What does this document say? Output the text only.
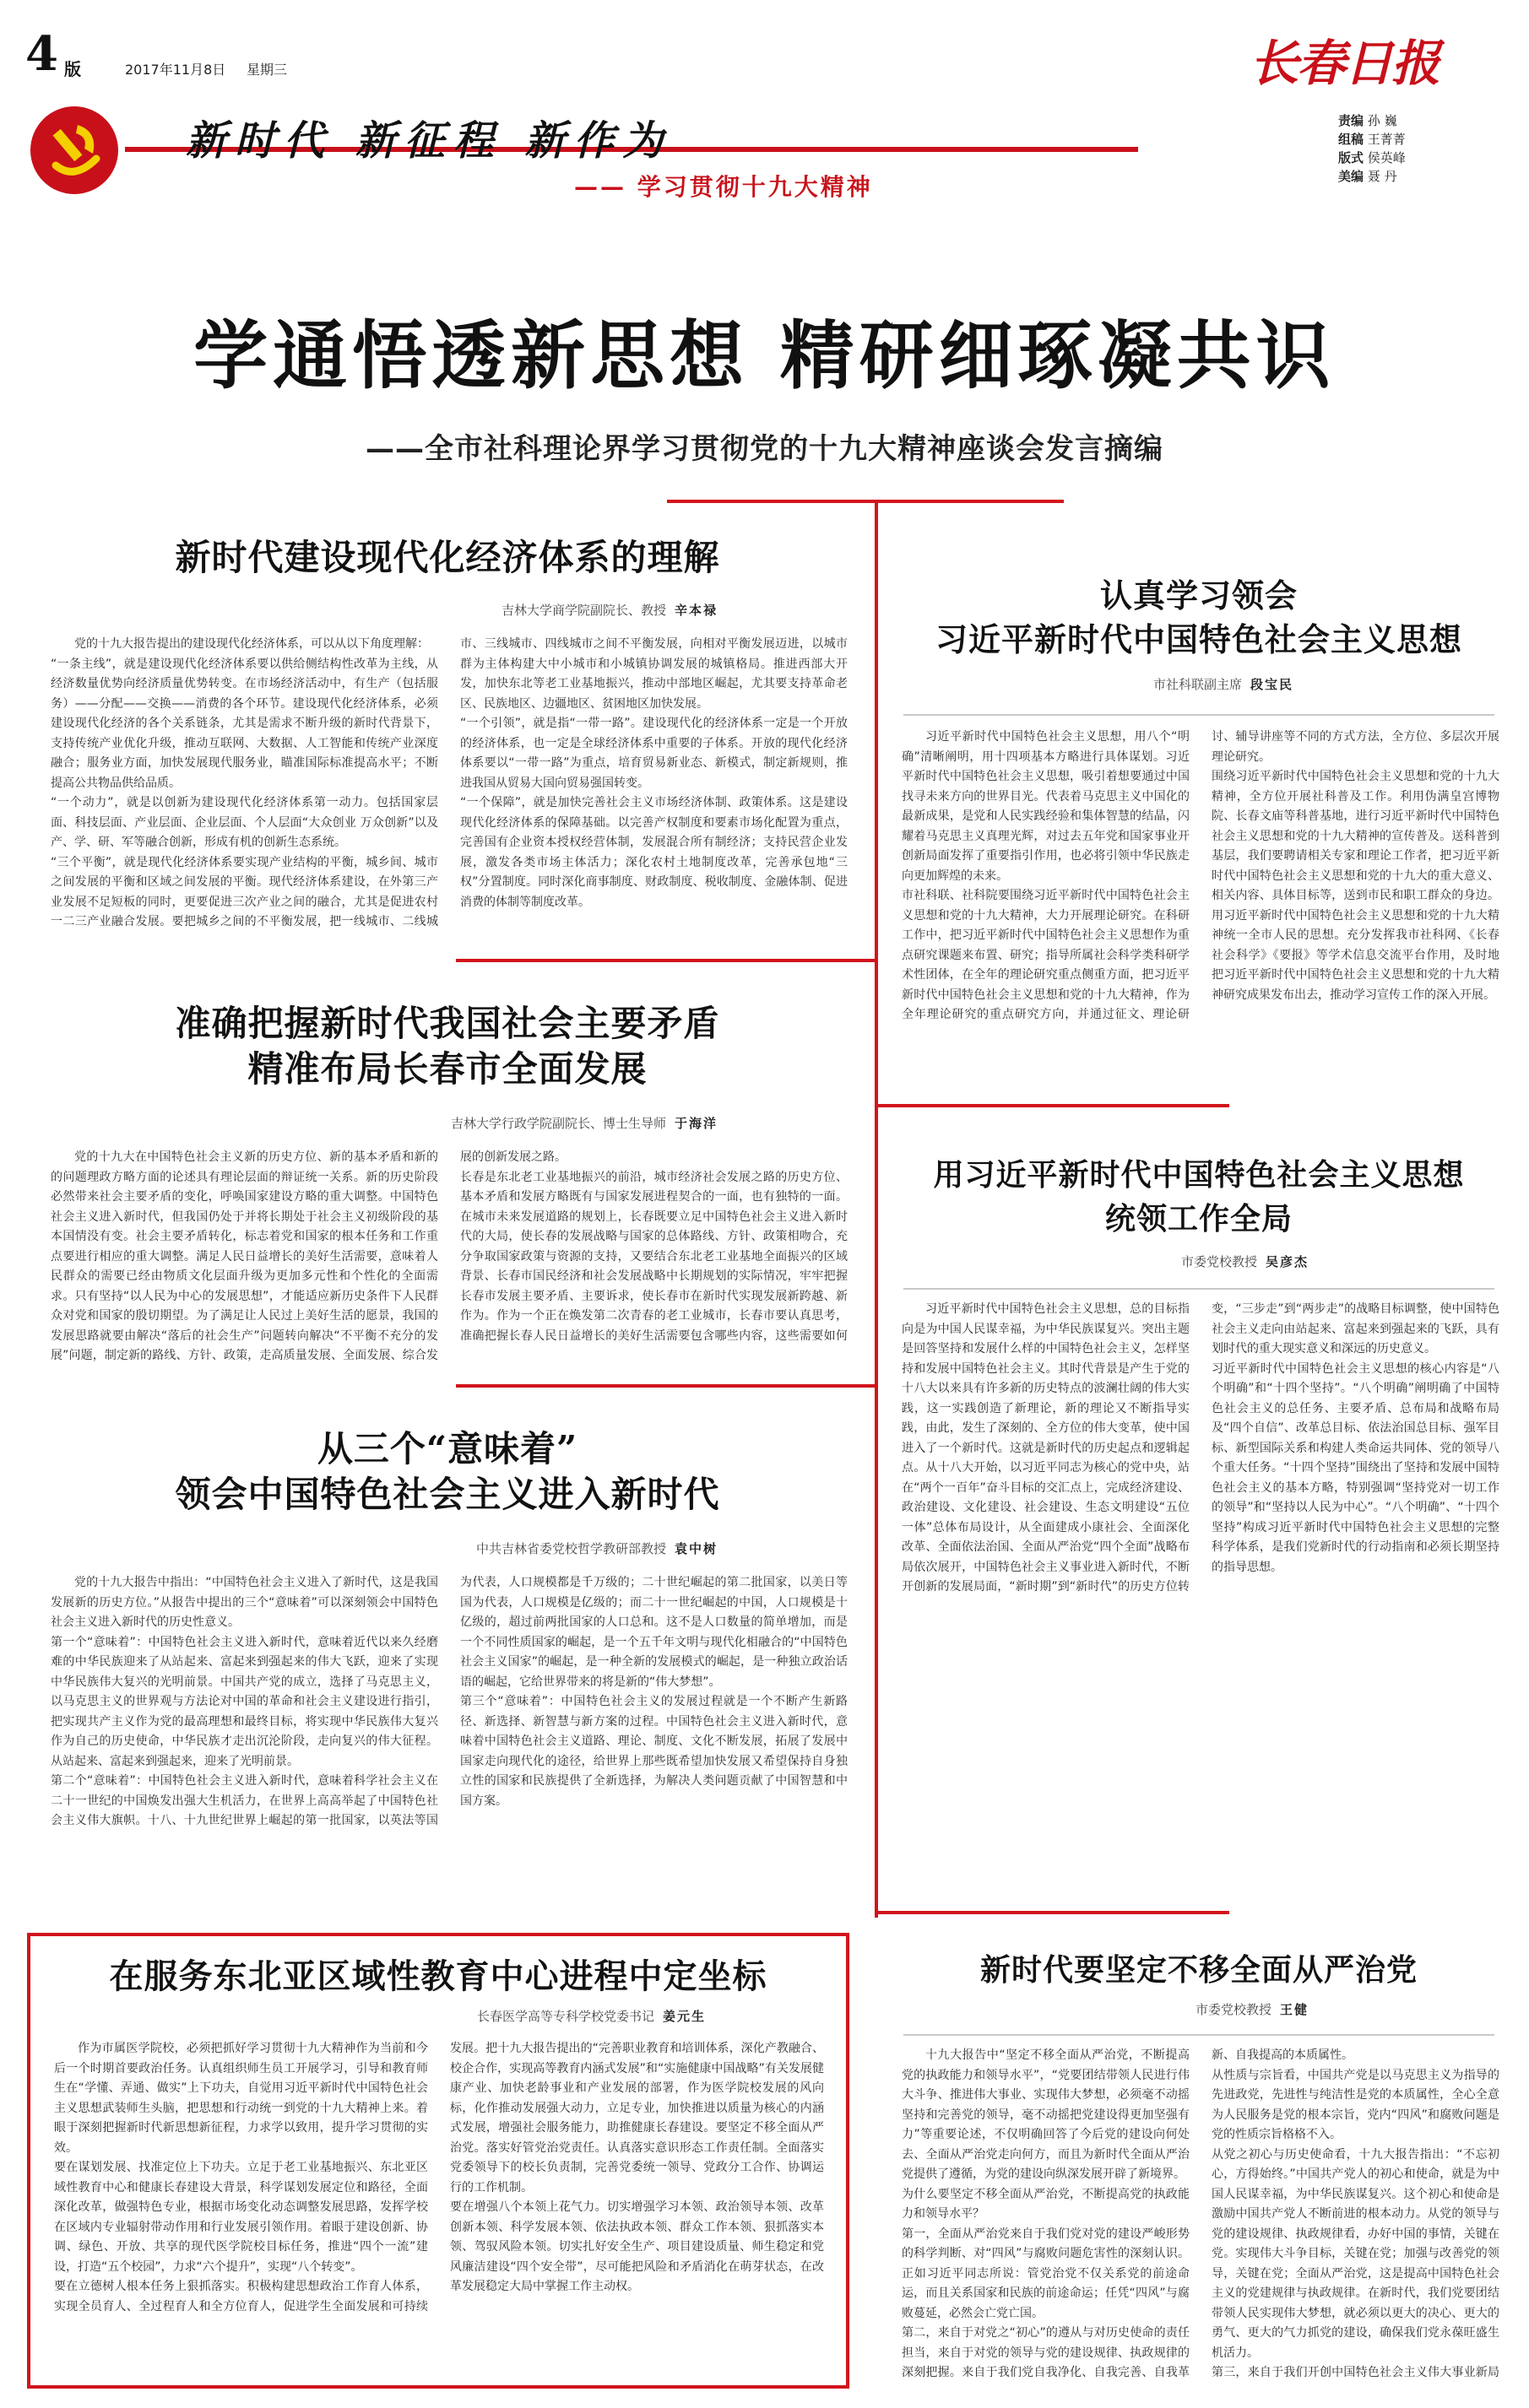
4 版	2017年11月8日 星期三	长春日报
新时代 新征程 新作为
—— 学习贯彻十九大精神
责编 孙 巍
组稿 王菁菁
版式 侯英峰
美编 聂 丹
学通悟透新思想 精研细琢凝共识
——全市社科理论界学习贯彻党的十九大精神座谈会发言摘编
新时代建设现代化经济体系的理解
吉林大学商学院副院长、教授 辛本禄
党的十九大报告提出的建设现代化经济体系，可以从以下角度理解：
“一条主线”，就是建设现代化经济体系要以供给侧结构性改革为主线，从经济数量优势向经济质量优势转变。在市场经济活动中，有生产（包括服务）——分配——交换——消费的各个环节。建设现代化经济体系，必须建设现代化经济的各个关系链条，尤其是需求不断升级的新时代背景下，支持传统产业优化升级，推动互联网、大数据、人工智能和传统产业深度融合；服务业方面，加快发展现代服务业，瞄准国际标准提高水平；不断提高公共物品供给品质。
“一个动力”，就是以创新为建设现代化经济体系第一动力。包括国家层面、科技层面、产业层面、企业层面、个人层面“大众创业 万众创新”以及产、学、研、军等融合创新，形成有机的创新生态系统。
“三个平衡”，就是现代化经济体系要实现产业结构的平衡，城乡间、城市之间发展的平衡和区域之间发展的平衡。现代经济体系建设，在外第三产业发展不足短板的同时，更要促进三次产业之间的融合，尤其是促进农村一二三产业融合发展。要把城乡之间的不平衡发展，把一线城市、二线城市、三线城市、四线城市之间不平衡发展，向相对平衡发展迈进，以城市群为主体构建大中小城市和小城镇协调发展的城镇格局。推进西部大开发，加快东北等老工业基地振兴，推动中部地区崛起，尤其要支持革命老区、民族地区、边疆地区、贫困地区加快发展。
“一个引领”，就是指“一带一路”。建设现代化的经济体系一定是一个开放的经济体系，也一定是全球经济体系中重要的子体系。开放的现代化经济体系要以“一带一路”为重点，培育贸易新业态、新模式，制定新规则，推进我国从贸易大国向贸易强国转变。
“一个保障”，就是加快完善社会主义市场经济体制、政策体系。这是建设现代化经济体系的保障基础。以完善产权制度和要素市场化配置为重点，完善国有企业资本授权经营体制，发展混合所有制经济；支持民营企业发展，激发各类市场主体活力；深化农村土地制度改革，完善承包地“三权”分置制度。同时深化商事制度、财政制度、税收制度、金融体制、促进消费的体制等制度改革。
准确把握新时代我国社会主要矛盾
精准布局长春市全面发展
吉林大学行政学院副院长、博士生导师 于海洋
党的十九大在中国特色社会主义新的历史方位、新的基本矛盾和新的的问题理政方略方面的论述具有理论层面的辩证统一关系。新的历史阶段必然带来社会主要矛盾的变化，呼唤国家建设方略的重大调整。中国特色社会主义进入新时代，但我国仍处于并将长期处于社会主义初级阶段的基本国情没有变。社会主要矛盾转化，标志着党和国家的根本任务和工作重点要进行相应的重大调整。满足人民日益增长的美好生活需要，意味着人民群众的需要已经由物质文化层面升级为更加多元性和个性化的全面需求。只有坚持“以人民为中心的发展思想”，才能适应新历史条件下人民群众对党和国家的殷切期望。为了满足让人民过上美好生活的愿景，我国的发展思路就要由解决“落后的社会生产”问题转向解决“不平衡不充分的发展”问题，制定新的路线、方针、政策，走高质量发展、全面发展、综合发展的创新发展之路。
长春是东北老工业基地振兴的前沿，城市经济社会发展之路的历史方位、基本矛盾和发展方略既有与国家发展进程契合的一面，也有独特的一面。在城市未来发展道路的规划上，长春既要立足中国特色社会主义进入新时代的大局，使长春的发展战略与国家的总体路线、方针、政策相吻合，充分争取国家政策与资源的支持，又要结合东北老工业基地全面振兴的区域背景、长春市国民经济和社会发展战略中长期规划的实际情况，牢牢把握长春市发展主要矛盾、主要诉求，使长春市在新时代实现发展新跨越、新作为。作为一个正在焕发第二次青春的老工业城市，长春市要认真思考，准确把握长春人民日益增长的美好生活需要包含哪些内容，这些需要如何
从三个“意味着”
领会中国特色社会主义进入新时代
中共吉林省委党校哲学教研部教授 袁中树
党的十九大报告中指出：“中国特色社会主义进入了新时代，这是我国发展新的历史方位。”从报告中提出的三个“意味着”可以深刻领会中国特色社会主义进入新时代的历史性意义。
第一个“意味着”：中国特色社会主义进入新时代，意味着近代以来久经磨难的中华民族迎来了从站起来、富起来到强起来的伟大飞跃，迎来了实现中华民族伟大复兴的光明前景。中国共产党的成立，选择了马克思主义，以马克思主义的世界观与方法论对中国的革命和社会主义建设进行指引，把实现共产主义作为党的最高理想和最终目标，将实现中华民族伟大复兴作为自己的历史使命，中华民族才走出沉沦阶段，走向复兴的伟大征程。从站起来、富起来到强起来，迎来了光明前景。
第二个“意味着”：中国特色社会主义进入新时代，意味着科学社会主义在二十一世纪的中国焕发出强大生机活力，在世界上高高举起了中国特色社会主义伟大旗帜。十八、十九世纪世界上崛起的第一批国家，以英法等国为代表，人口规模都是千万级的；二十世纪崛起的第二批国家，以美日等国为代表，人口规模是亿级的；而二十一世纪崛起的中国，人口规模是十亿级的，超过前两批国家的人口总和。这不是人口数量的简单增加，而是一个不同性质国家的崛起，是一个五千年文明与现代化相融合的“中国特色社会主义国家”的崛起，是一种全新的发展模式的崛起，是一种独立政治话语的崛起，它给世界带来的将是新的“伟大梦想”。
第三个“意味着”：中国特色社会主义的发展过程就是一个不断产生新路径、新选择、新智慧与新方案的过程。中国特色社会主义进入新时代，意味着中国特色社会主义道路、理论、制度、文化不断发展，拓展了发展中国家走向现代化的途径，给世界上那些既希望加快发展又希望保持自身独立性的国家和民族提供了全新选择，为解决人类问题贡献了中国智慧和中国方案。
在服务东北亚区域性教育中心进程中定坐标
长春医学高等专科学校党委书记 姜元生
作为市属医学院校，必须把抓好学习贯彻十九大精神作为当前和今后一个时期首要政治任务。认真组织师生员工开展学习，引导和教育师生在“学懂、弄通、做实”上下功夫，自觉用习近平新时代中国特色社会主义思想武装师生头脑，把思想和行动统一到党的十九大精神上来。着眼于深刻把握新时代新思想新征程，力求学以致用，提升学习贯彻的实效。
要在谋划发展、找准定位上下功夫。立足于老工业基地振兴、东北亚区域性教育中心和健康长春建设大背景，科学谋划发展定位和路径，全面深化改革，做强特色专业，根据市场变化动态调整发展思路，发挥学校在区域内专业辐射带动作用和行业发展引领作用。着眼于建设创新、协调、绿色、开放、共享的现代医学院校目标任务，推进“四个一流”建设，打造“五个校园”，力求“六个提升”，实现“八个转变”。
要在立德树人根本任务上狠抓落实。积极构建思想政治工作育人体系，实现全员育人、全过程育人和全方位育人，促进学生全面发展和可持续发展。把十九大报告提出的“完善职业教育和培训体系，深化产教融合、校企合作，实现高等教育内涵式发展”和“实施健康中国战略”有关发展健康产业、加快老龄事业和产业发展的部署，作为医学院校发展的风向标，化作推动发展强大动力，立足专业，加快推进以质量为核心的内涵式发展，增强社会服务能力，助推健康长春建设。要坚定不移全面从严治党。落实好管党治党责任。认真落实意识形态工作责任制。全面落实党委领导下的校长负责制，完善党委统一领导、党政分工合作、协调运行的工作机制。
要在增强八个本领上花气力。切实增强学习本领、政治领导本领、改革创新本领、科学发展本领、依法执政本领、群众工作本领、狠抓落实本领、驾驭风险本领。切实扎好安全生产、项目建设质量、师生稳定和党风廉洁建设“四个安全带”，尽可能把风险和矛盾消化在萌芽状态，在改革发展稳定大局中掌握工作主动权。
认真学习领会
习近平新时代中国特色社会主义思想
市社科联副主席 段宝民
习近平新时代中国特色社会主义思想，用八个“明确”清晰阐明，用十四项基本方略进行具体谋划。习近平新时代中国特色社会主义思想，吸引着想要通过中国找寻未来方向的世界目光。代表着马克思主义中国化的最新成果，是党和人民实践经验和集体智慧的结晶，闪耀着马克思主义真理光辉，对过去五年党和国家事业开创新局面发挥了重要指引作用，也必将引领中华民族走向更加辉煌的未来。
市社科联、社科院要围绕习近平新时代中国特色社会主义思想和党的十九大精神，大力开展理论研究。在科研工作中，把习近平新时代中国特色社会主义思想作为重点研究课题来布置、研究；指导所属社会科学类科研学术性团体，在全年的理论研究重点侧重方面，把习近平新时代中国特色社会主义思想和党的十九大精神，作为全年理论研究的重点研究方向，并通过征文、理论研讨、辅导讲座等不同的方式方法，全方位、多层次开展理论研究。
围绕习近平新时代中国特色社会主义思想和党的十九大精神，全方位开展社科普及工作。利用伪满皇宫博物院、长春文庙等科普基地，进行习近平新时代中国特色社会主义思想和党的十九大精神的宣传普及。送科普到基层，我们要聘请相关专家和理论工作者，把习近平新时代中国特色社会主义思想和党的十九大的重大意义、相关内容、具体目标等，送到市民和职工群众的身边。用习近平新时代中国特色社会主义思想和党的十九大精神统一全市人民的思想。充分发挥我市社科网、《长春社会科学》《要报》等学术信息交流平台作用，及时地把习近平新时代中国特色社会主义思想和党的十九大精神研究成果发布出去，推动学习宣传工作的深入开展。
用习近平新时代中国特色社会主义思想
统领工作全局
市委党校教授 吴彦杰
习近平新时代中国特色社会主义思想，总的目标指向是为中国人民谋幸福，为中华民族谋复兴。突出主题是回答坚持和发展什么样的中国特色社会主义，怎样坚持和发展中国特色社会主义。其时代背景是产生于党的十八大以来具有许多新的历史特点的波澜壮阔的伟大实践，这一实践创造了新理论，新的理论又不断指导实践，由此，发生了深刻的、全方位的伟大变革，使中国进入了一个新时代。这就是新时代的历史起点和逻辑起点。从十八大开始，以习近平同志为核心的党中央，站在“两个一百年”奋斗目标的交汇点上，完成经济建设、政治建设、文化建设、社会建设、生态文明建设“五位一体”总体布局设计，从全面建成小康社会、全面深化改革、全面依法治国、全面从严治党“四个全面”战略布局依次展开，中国特色社会主义事业进入新时代，不断开创新的发展局面，“新时期”到“新时代”的历史方位转变，“三步走”到“两步走”的战略目标调整，使中国特色社会主义走向由站起来、富起来到强起来的飞跃，具有划时代的重大现实意义和深远的历史意义。
习近平新时代中国特色社会主义思想的核心内容是“八个明确”和“十四个坚持”。“八个明确”阐明确了中国特色社会主义的总任务、主要矛盾、总布局和战略布局及“四个自信”、改革总目标、依法治国总目标、强军目标、新型国际关系和构建人类命运共同体、党的领导八个重大任务。“十四个坚持”围绕出了坚持和发展中国特色社会主义的基本方略，特别强调“坚持党对一切工作的领导”和“坚持以人民为中心”。“八个明确”、“十四个坚持”构成习近平新时代中国特色社会主义思想的完整科学体系，是我们党新时代的行动指南和必须长期坚持的指导思想。
新时代要坚定不移全面从严治党
市委党校教授 王健
十九大报告中“坚定不移全面从严治党，不断提高党的执政能力和领导水平”，“党要团结带领人民进行伟大斗争、推进伟大事业、实现伟大梦想，必须毫不动摇坚持和完善党的领导，毫不动摇把党建设得更加坚强有力”等重要论述，不仅明确回答了今后党的建设向何处去、全面从严治党走向何方，而且为新时代全面从严治党提供了遵循，为党的建设向纵深发展开辟了新境界。
为什么要坚定不移全面从严治党，不断提高党的执政能力和领导水平？
第一，全面从严治党来自于我们党对党的建设严峻形势的科学判断、对“四风”与腐败问题危害性的深刻认识。正如习近平同志所说：管党治党不仅关系党的前途命运，而且关系国家和民族的前途命运；任凭“四风”与腐败蔓延，必然会亡党亡国。
第二，来自于对党之“初心”的遵从与对历史使命的责任担当，来自于对党的领导与党的建设规律、执政规律的深刻把握。来自于我们党自我净化、自我完善、自我革新、自我提高的本质属性。
从性质与宗旨看，中国共产党是以马克思主义为指导的先进政党，先进性与纯洁性是党的本质属性，全心全意为人民服务是党的根本宗旨，党内“四风”和腐败问题是党的性质宗旨格格不入。
从党之初心与历史使命看，十九大报告指出：“不忘初心，方得始终。”中国共产党人的初心和使命，就是为中国人民谋幸福，为中华民族谋复兴。这个初心和使命是激励中国共产党人不断前进的根本动力。从党的领导与党的建设规律、执政规律看，办好中国的事情，关键在党。实现伟大斗争目标，关键在党；加强与改善党的领导，关键在党；全面从严治党，这是提高中国特色社会主义的党建规律与执政规律。在新时代，我们党要团结带领人民实现伟大梦想，就必须以更大的决心、更大的勇气、更大的气力抓党的建设，确保我们党永葆旺盛生机活力。
第三，来自于我们开创中国特色社会主义伟大事业新局
